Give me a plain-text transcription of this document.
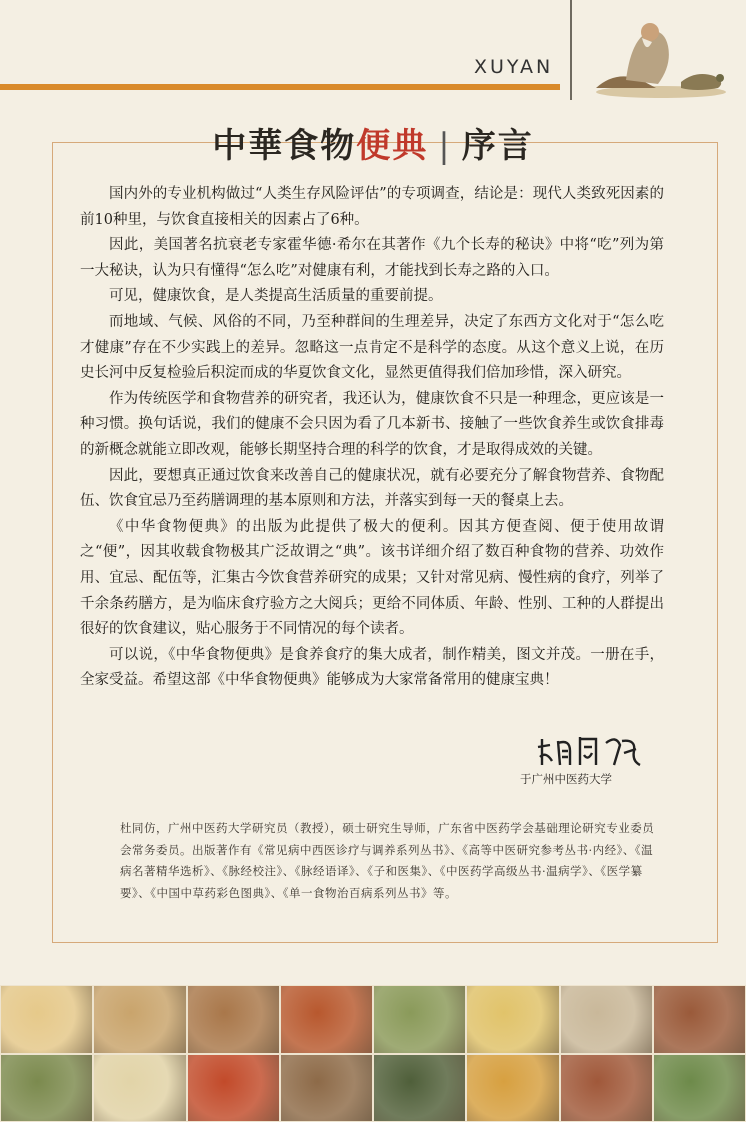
XUYAN
中華食物便典 | 序言

国内外的专业机构做过“人类生存风险评估”的专项调查，结论是：现代人类致死因素的前10种里，与饮食直接相关的因素占了6种。

因此，美国著名抗衰老专家霍华德·希尔在其著作《九个长寿的秘诀》中将“吃”列为第一大秘诀，认为只有懂得“怎么吃”对健康有利，才能找到长寿之路的入口。

可见，健康饮食，是人类提高生活质量的重要前提。

而地域、气候、风俗的不同，乃至种群间的生理差异，决定了东西方文化对于“怎么吃才健康”存在不少实践上的差异。忽略这一点肯定不是科学的态度。从这个意义上说，在历史长河中反复检验后积淀而成的华夏饮食文化，显然更值得我们倍加珍惜，深入研究。

作为传统医学和食物营养的研究者，我还认为，健康饮食不只是一种理念，更应该是一种习惯。换句话说，我们的健康不会只因为看了几本新书、接触了一些饮食养生或饮食排毒的新概念就能立即改观，能够长期坚持合理的科学的饮食，才是取得成效的关键。

因此，要想真正通过饮食来改善自己的健康状况，就有必要充分了解食物营养、食物配伍、饮食宜忌乃至药膳调理的基本原则和方法，并落实到每一天的餐桌上去。

《中华食物便典》的出版为此提供了极大的便利。因其方便查阅、便于使用故谓之“便”，因其收载食物极其广泛故谓之“典”。该书详细介绍了数百种食物的营养、功效作用、宜忌、配伍等，汇集古今饮食营养研究的成果；又针对常见病、慢性病的食疗，列举了千余条药膳方，是为临床食疗验方之大阅兵；更给不同体质、年龄、性别、工种的人群提出很好的饮食建议，贴心服务于不同情况的每个读者。

可以说，《中华食物便典》是食养食疗的集大成者，制作精美，图文并茂。一册在手，全家受益。希望这部《中华食物便典》能够成为大家常备常用的健康宝典！

于广州中医药大学
杜同仿，广州中医药大学研究员（教授），硕士研究生导师，广东省中医药学会基础理论研究专业委员会常务委员。出版著作有《常见病中西医诊疗与调养系列丛书》、《高等中医研究参考丛书·内经》、《温病名著精华选析》、《脉经校注》、《脉经语译》、《子和医集》、《中医药学高级丛书·温病学》、《医学纂要》、《中国中草药彩色图典》、《单一食物治百病系列丛书》等。
